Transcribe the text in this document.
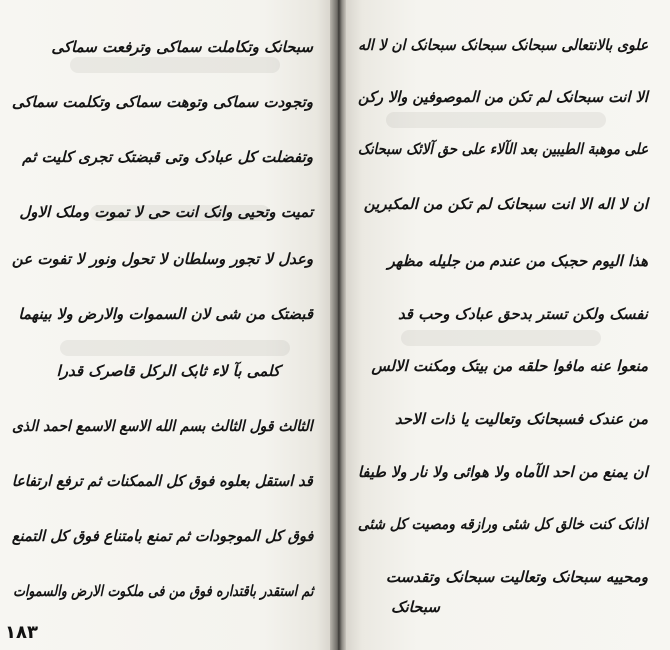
سبحانک وتکاملت سماکی وترفعت سماکی
وتجودت سماکی وتوهت سماکی وتکلمت سماکی
وتفضلت کل عبادک وتی قبضتک تجری کلیت ثم
تمیت وتحیی وانک انت حی لا تموت وملک الاول
وعدل لا تجور وسلطان لا تحول ونور لا تفوت عن
قبضتک من شی لان السموات والارض ولا بینهما
کلمی بآ لاء ثابک الرکل قاصرک قدرا
الثالث قول الثالث بسم الله الاسع الاسمع احمد الذی
قد استقل بعلوه فوق کل الممکنات ثم ترفع ارتفاعا
فوق کل الموجودات ثم تمنع بامتناع فوق کل التمنع
ثم استقدر باقتداره فوق من فی ملکوت الارض والسموات
١٨٣
علوی بالانتعالی سبحانک سبحانک سبحانک ان لا اله
الا انت سبحانک لم تکن من الموصوفین والا رکن
علی موهبة الطیبین بعد الآلاء علی حق آلائک سبحانک
ان لا اله الا انت سبحانک لم تکن من المکبرین
هذا الیوم حجبک من عندم من جلیله مظهر
نفسک ولکن تستر بدحق عبادک وحب قد
منعوا عنه مافوا حلقه من بیتک ومکنت الالس
من عندک فسبحانک وتعالیت یا ذات الاحد
ان یمنع من احد الآماه ولا هوائی ولا نار ولا طیفا
اذانک کنت خالق کل شئی ورازقه ومصیت کل شئی
ومحییه سبحانک وتعالیت سبحانک وتقدست
سبحانک
